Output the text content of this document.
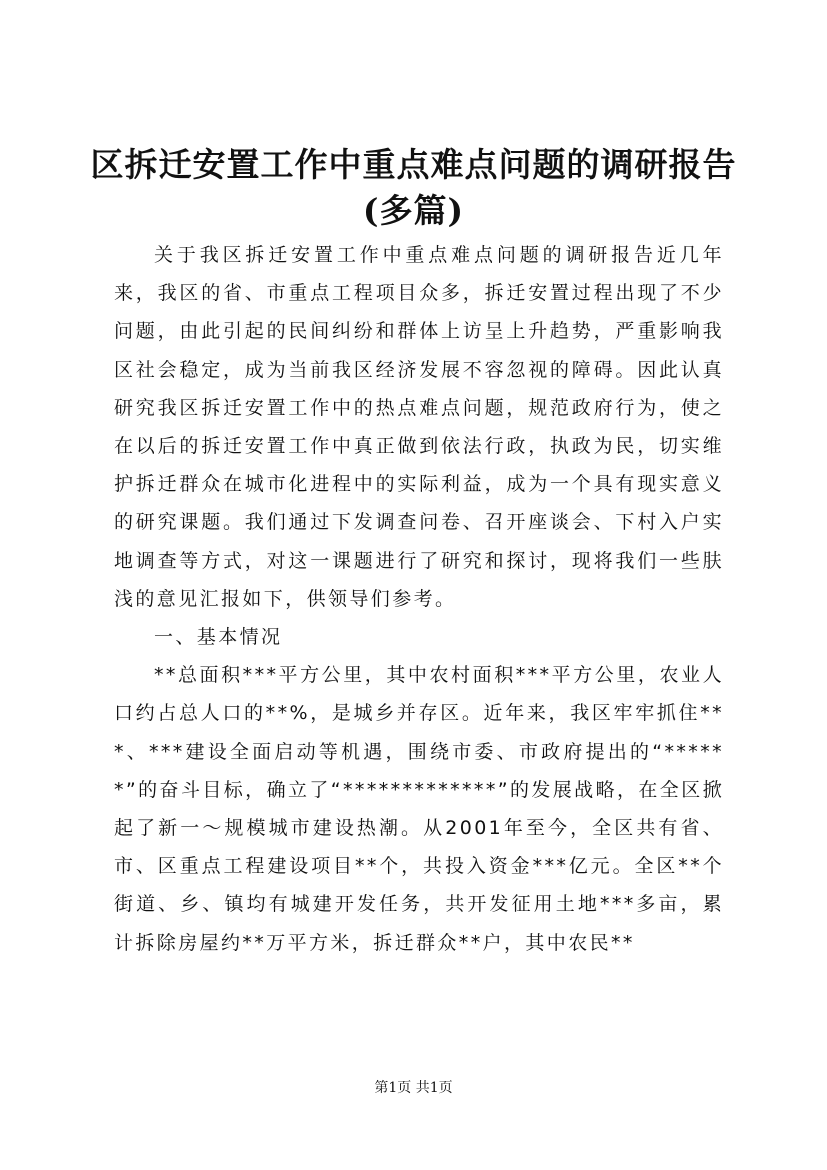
区拆迁安置工作中重点难点问题的调研报告
(多篇)

关于我区拆迁安置工作中重点难点问题的调研报告近几年来，我区的省、市重点工程项目众多，拆迁安置过程出现了不少问题，由此引起的民间纠纷和群体上访呈上升趋势，严重影响我区社会稳定，成为当前我区经济发展不容忽视的障碍。因此认真研究我区拆迁安置工作中的热点难点问题，规范政府行为，使之在以后的拆迁安置工作中真正做到依法行政，执政为民，切实维护拆迁群众在城市化进程中的实际利益，成为一个具有现实意义的研究课题。我们通过下发调查问卷、召开座谈会、下村入户实地调查等方式，对这一课题进行了研究和探讨，现将我们一些肤浅的意见汇报如下，供领导们参考。

一、基本情况

**总面积***平方公里，其中农村面积***平方公里，农业人口约占总人口的**%，是城乡并存区。近年来，我区牢牢抓住***、***建设全面启动等机遇，围绕市委、市政府提出的“******”的奋斗目标，确立了“*************”的发展战略，在全区掀起了新一～规模城市建设热潮。从2001年至今，全区共有省、市、区重点工程建设项目**个，共投入资金***亿元。全区**个街道、乡、镇均有城建开发任务，共开发征用土地***多亩，累计拆除房屋约**万平方米，拆迁群众**户，其中农民**

第1页 共1页
